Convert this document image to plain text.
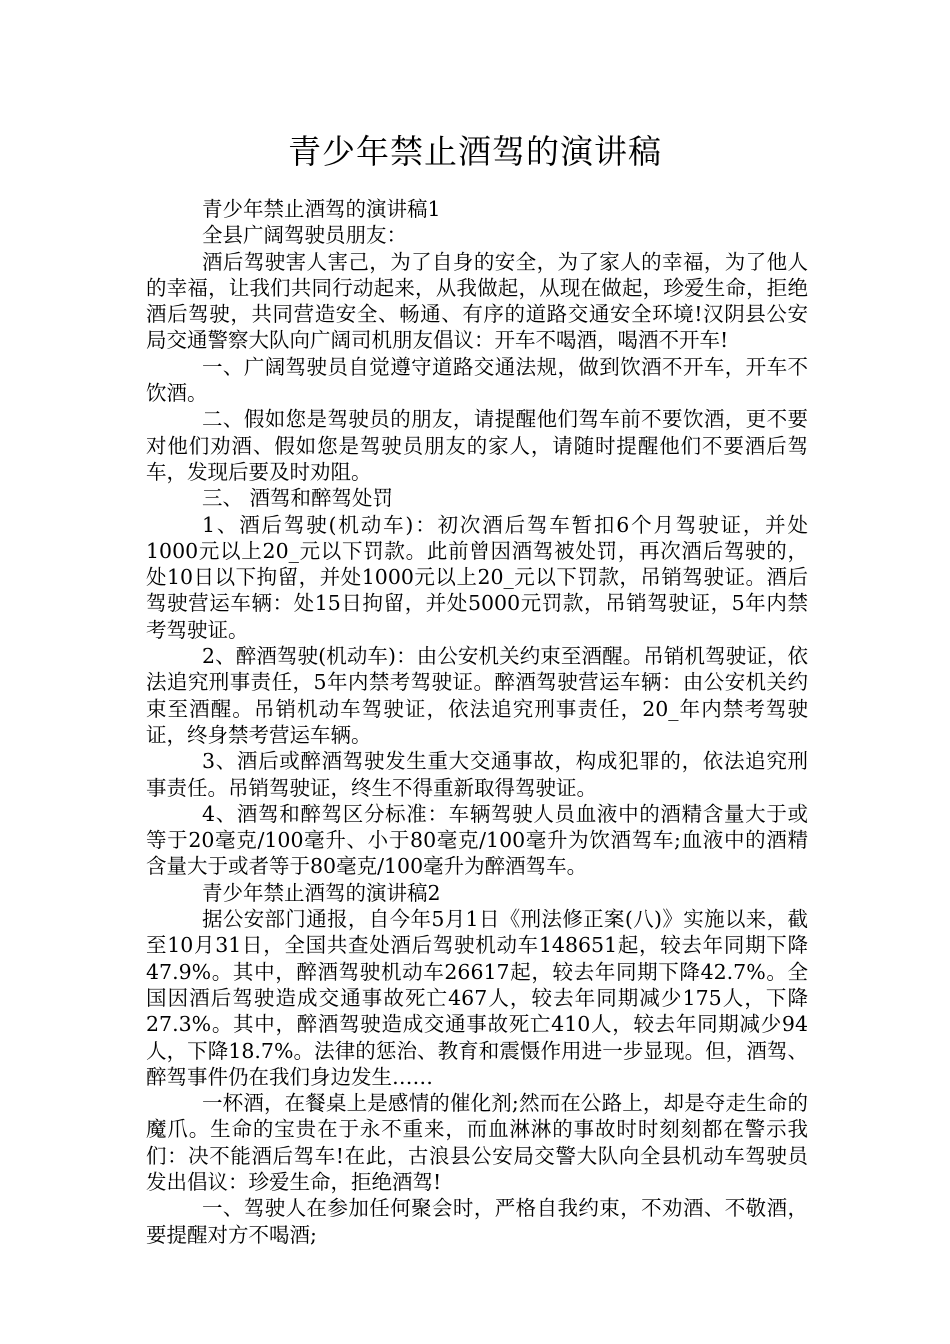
青少年禁止酒驾的演讲稿

青少年禁止酒驾的演讲稿1

全县广阔驾驶员朋友：

酒后驾驶害人害己，为了自身的安全，为了家人的幸福，为了他人的幸福，让我们共同行动起来，从我做起，从现在做起，珍爱生命，拒绝酒后驾驶，共同营造安全、畅通、有序的道路交通安全环境!汉阴县公安局交通警察大队向广阔司机朋友倡议：开车不喝酒，喝酒不开车!

一、广阔驾驶员自觉遵守道路交通法规，做到饮酒不开车，开车不饮酒。

二、假如您是驾驶员的朋友，请提醒他们驾车前不要饮酒，更不要对他们劝酒、假如您是驾驶员朋友的家人，请随时提醒他们不要酒后驾车，发现后要及时劝阻。

三、 酒驾和醉驾处罚

1、酒后驾驶(机动车)：初次酒后驾车暂扣6个月驾驶证，并处1000元以上20_元以下罚款。此前曾因酒驾被处罚，再次酒后驾驶的，处10日以下拘留，并处1000元以上20_元以下罚款，吊销驾驶证。酒后驾驶营运车辆：处15日拘留，并处5000元罚款，吊销驾驶证，5年内禁考驾驶证。

2、醉酒驾驶(机动车)：由公安机关约束至酒醒。吊销机驾驶证，依法追究刑事责任，5年内禁考驾驶证。醉酒驾驶营运车辆：由公安机关约束至酒醒。吊销机动车驾驶证，依法追究刑事责任，20_年内禁考驾驶证，终身禁考营运车辆。

3、酒后或醉酒驾驶发生重大交通事故，构成犯罪的，依法追究刑事责任。吊销驾驶证，终生不得重新取得驾驶证。

4、酒驾和醉驾区分标准：车辆驾驶人员血液中的酒精含量大于或等于20毫克/100毫升、小于80毫克/100毫升为饮酒驾车;血液中的酒精含量大于或者等于80毫克/100毫升为醉酒驾车。

青少年禁止酒驾的演讲稿2

据公安部门通报，自今年5月1日《刑法修正案(八)》实施以来，截至10月31日，全国共查处酒后驾驶机动车148651起，较去年同期下降47.9%。其中，醉酒驾驶机动车26617起，较去年同期下降42.7%。全国因酒后驾驶造成交通事故死亡467人，较去年同期减少175人，下降27.3%。其中，醉酒驾驶造成交通事故死亡410人，较去年同期减少94人，下降18.7%。法律的惩治、教育和震慑作用进一步显现。但，酒驾、醉驾事件仍在我们身边发生……

一杯酒，在餐桌上是感情的催化剂;然而在公路上，却是夺走生命的魔爪。生命的宝贵在于永不重来，而血淋淋的事故时时刻刻都在警示我们：决不能酒后驾车!在此，古浪县公安局交警大队向全县机动车驾驶员发出倡议：珍爱生命，拒绝酒驾!

一、驾驶人在参加任何聚会时，严格自我约束，不劝酒、不敬酒，要提醒对方不喝酒;
